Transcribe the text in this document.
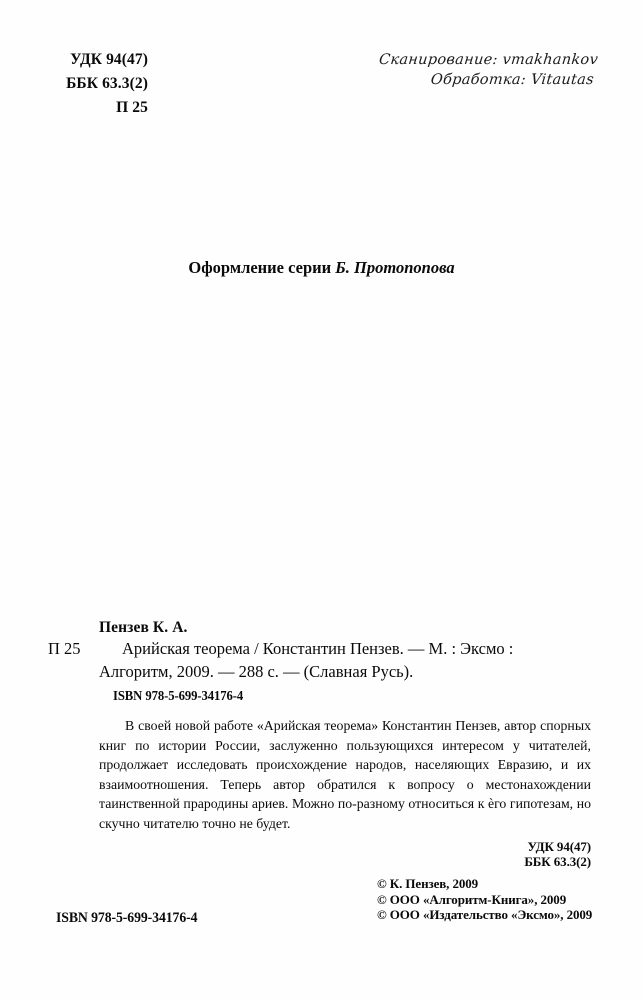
УДК 94(47)
ББК 63.3(2)
П 25
Сканирование: vmakhankov
Обработка: Vitautas
Оформление серии Б. Протопопова
П 25
Пензев К. А.
Арийская теорема / Константин Пензев. — М. : Эксмо : Алгоритм, 2009. — 288 с. — (Славная Русь).
ISBN 978-5-699-34176-4
В своей новой работе «Арийская теорема» Константин Пензев, автор спорных книг по истории России, заслуженно пользующихся интересом у читателей, продолжает исследовать происхождение народов, населяющих Евразию, и их взаимоотношения. Теперь автор обратился к вопросу о местонахождении таинственной прародины ариев. Можно по-разному относиться к ѐго гипотезам, но скучно читателю точно не будет.
УДК 94(47)
ББК 63.3(2)
© К. Пензев, 2009
© ООО «Алгоритм-Книга», 2009
© ООО «Издательство «Эксмо», 2009
ISBN 978-5-699-34176-4
